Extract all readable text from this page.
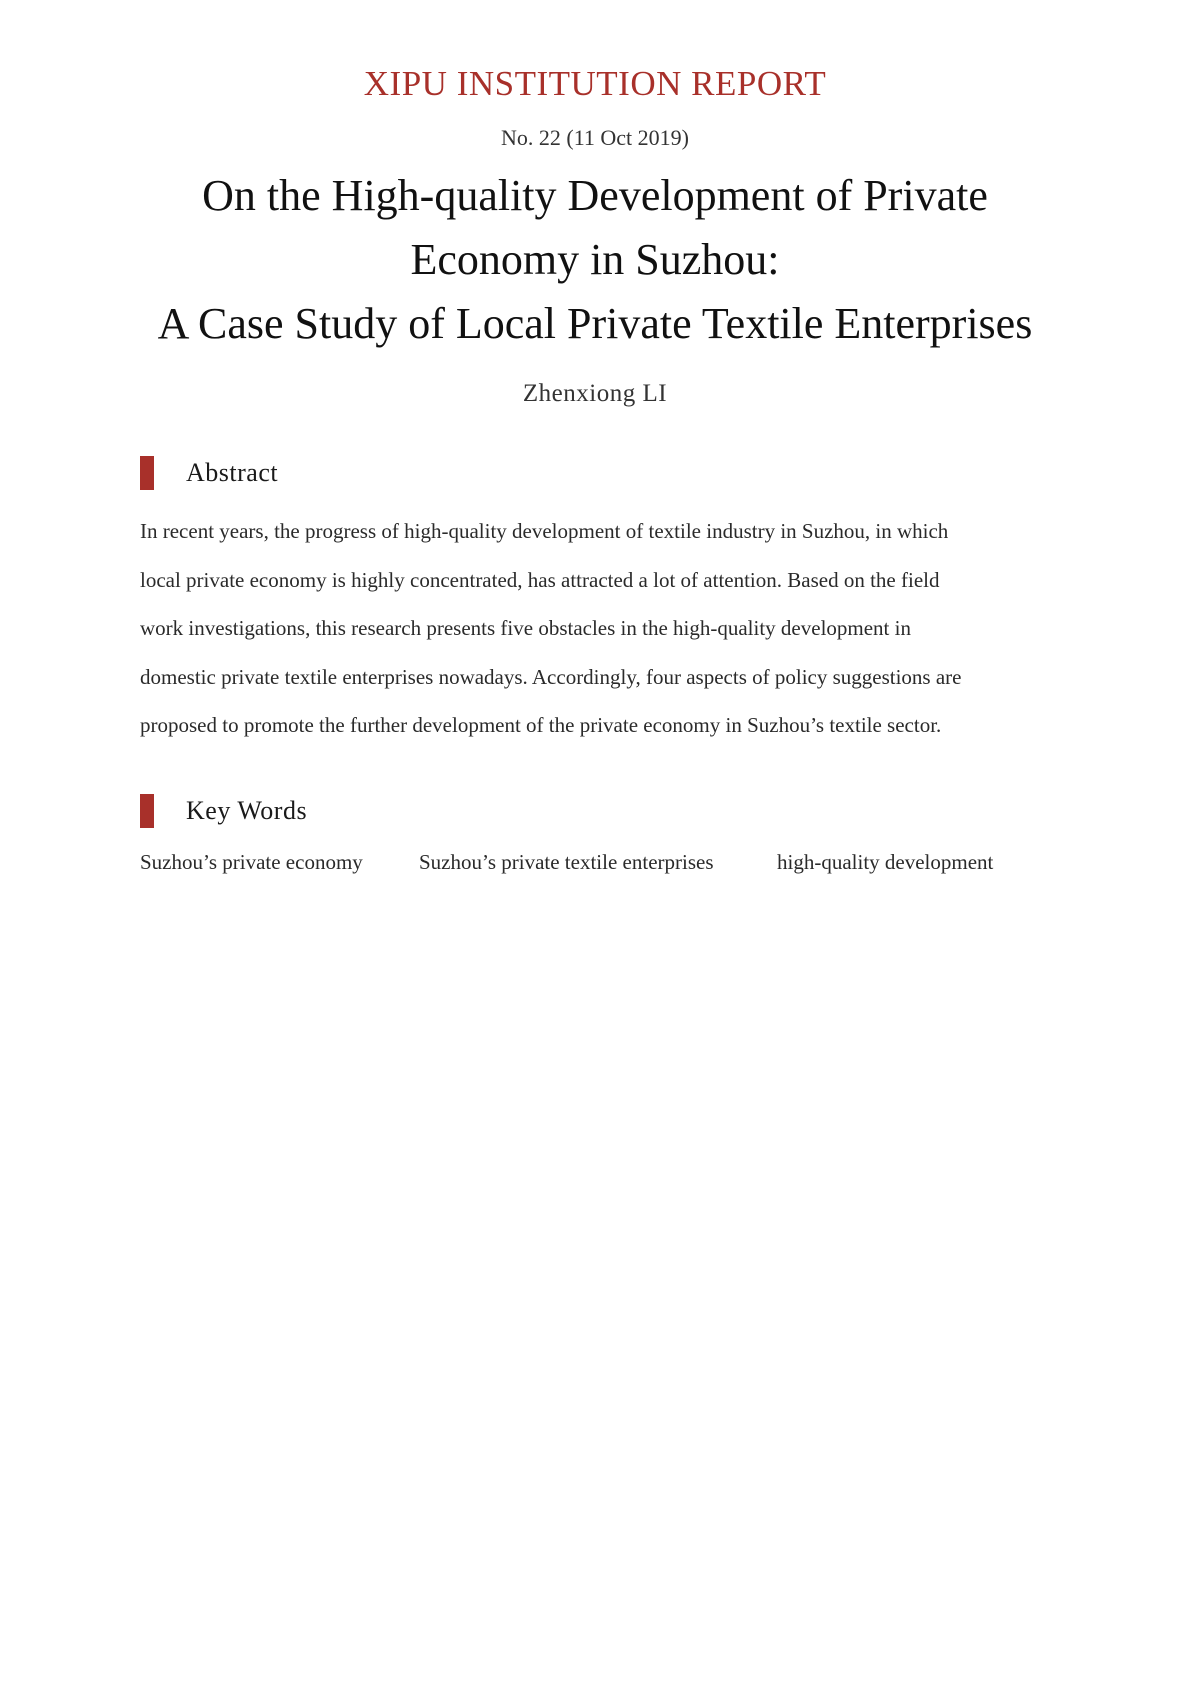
XIPU INSTITUTION REPORT
No. 22 (11 Oct 2019)
On the High-quality Development of Private
Economy in Suzhou:
A Case Study of Local Private Textile Enterprises
Zhenxiong LI
Abstract
In recent years, the progress of high-quality development of textile industry in Suzhou, in which
local private economy is highly concentrated, has attracted a lot of attention. Based on the field
work investigations, this research presents five obstacles in the high-quality development in
domestic private textile enterprises nowadays. Accordingly, four aspects of policy suggestions are
proposed to promote the further development of the private economy in Suzhou’s textile sector.
Key Words
Suzhou’s private economy	Suzhou’s private textile enterprises	high-quality development
